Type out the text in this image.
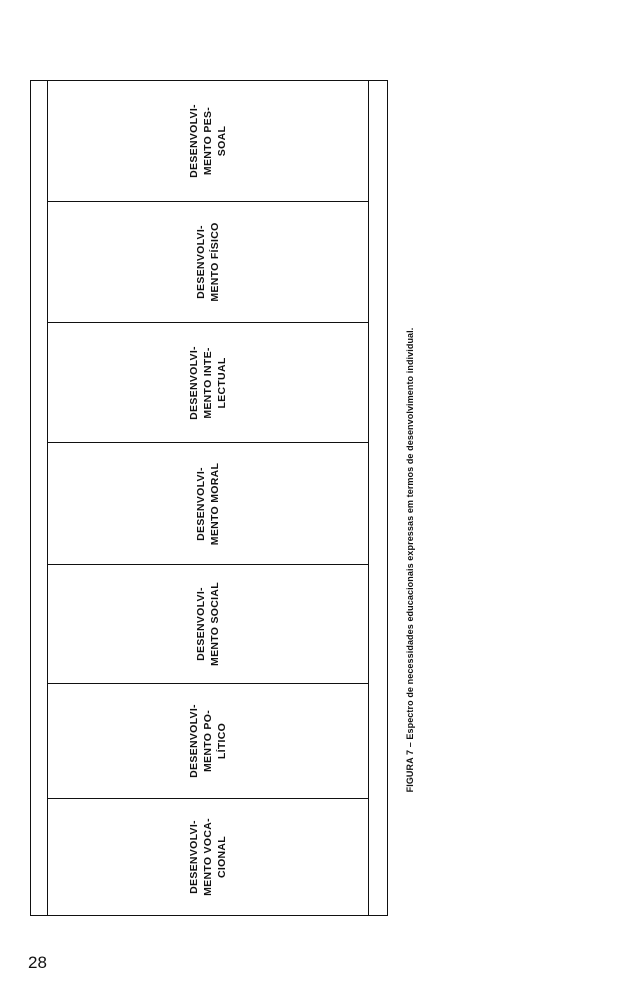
DESENVOLVI- MENTO PES- SOAL
DESENVOLVI- MENTO FÍSICO
DESENVOLVI- MENTO INTE- LECTUAL
DESENVOLVI- MENTO MORAL
DESENVOLVI- MENTO SOCIAL
DESENVOLVI- MENTO PO- LÍTICO
DESENVOLVI- MENTO VOCA- CIONAL
FIGURA 7 – Espectro de necessidades educacionais expressas em termos de desenvolvimento individual.
28
